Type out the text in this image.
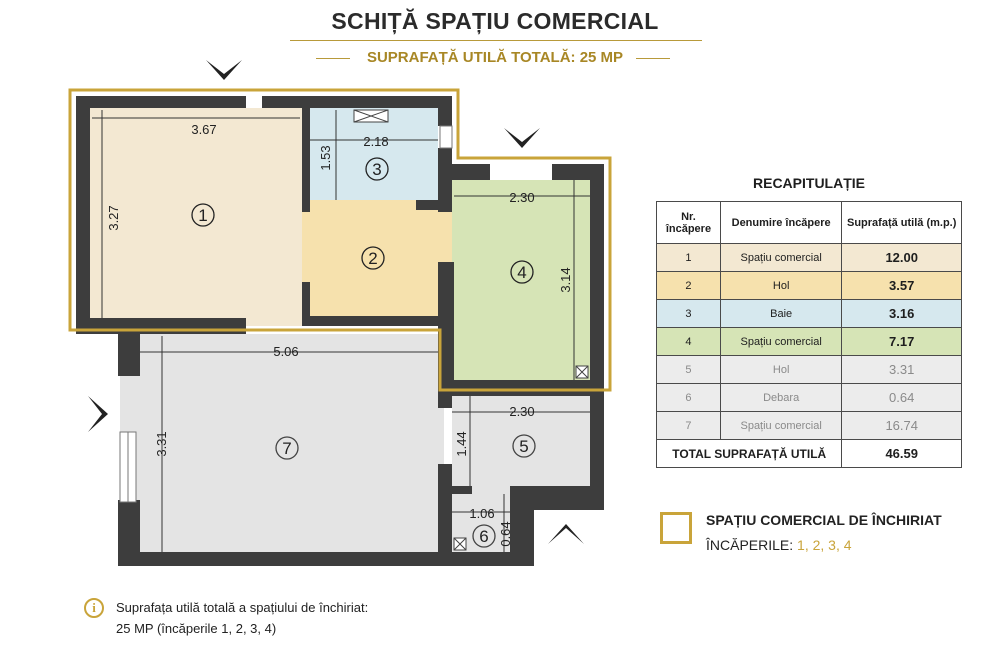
SCHIȚĂ SPAȚIU COMERCIAL
SUPRAFAȚĂ UTILĂ TOTALĂ: 25 MP
3.67
3.27
2.18
1.53
2.30
3.14
5.06
3.31
2.30
1.44
1.06
0.64
1
2
3
4
5
6
7
RECAPITULAȚIE
Nr. încăpere	Denumire încăpere	Suprafață utilă (m.p.)
1	Spațiu comercial	12.00
2	Hol	3.57
3	Baie	3.16
4	Spațiu comercial	7.17
5	Hol	3.31
6	Debara	0.64
7	Spațiu comercial	16.74
TOTAL SUPRAFAȚĂ UTILĂ		46.59
SPAȚIU COMERCIAL DE ÎNCHIRIAT
ÎNCĂPERILE: 1, 2, 3, 4
i	Suprafața utilă totală a spațiului de închiriat:
25 MP (încăperile 1, 2, 3, 4)
